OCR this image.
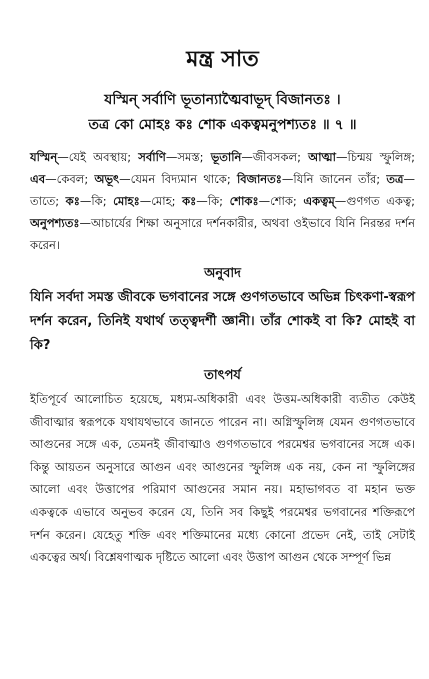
মন্ত্র সাত
যস্মিন্ সর্বাণি ভূতান্যাত্মৈবাভূদ্ বিজানতঃ ।
তত্র কো মোহঃ কঃ শোক একত্বমনুপশ্যতঃ ॥ ৭ ॥
যস্মিন্—যেই অবস্থায়; সর্বাণি—সমস্ত; ভূতানি—জীবসকল; আত্মা—চিন্ময় স্ফুলিঙ্গ; এব—কেবল; অভূৎ—যেমন বিদ্যমান থাকে; বিজানতঃ—যিনি জানেন তাঁর; তত্র—তাতে; কঃ—কি; মোহঃ—মোহ; কঃ—কি; শোকঃ—শোক; একত্বম্—গুণগত একত্ব; অনুপশ্যতঃ—আচার্যের শিক্ষা অনুসারে দর্শনকারীর, অথবা ওইভাবে যিনি নিরন্তর দর্শন করেন।
অনুবাদ

যিনি সর্বদা সমস্ত জীবকে ভগবানের সঙ্গে গুণগতভাবে অভিন্ন চিৎকণা-স্বরূপ দর্শন করেন, তিনিই যথার্থ তত্ত্বদর্শী জ্ঞানী। তাঁর শোকই বা কি? মোহই বা কি?

তাৎপর্য

ইতিপূর্বে আলোচিত হয়েছে, মধ্যম-অধিকারী এবং উত্তম-অধিকারী ব্যতীত কেউই জীবাত্মার স্বরূপকে যথাযথভাবে জানতে পারেন না। অগ্নিস্ফুলিঙ্গ যেমন গুণগতভাবে আগুনের সঙ্গে এক, তেমনই জীবাত্মাও গুণগতভাবে পরমেশ্বর ভগবানের সঙ্গে এক। কিন্তু আয়তন অনুসারে আগুন এবং আগুনের স্ফুলিঙ্গ এক নয়, কেন না স্ফুলিঙ্গের আলো এবং উত্তাপের পরিমাণ আগুনের সমান নয়। মহাভাগবত বা মহান ভক্ত একত্বকে এভাবে অনুভব করেন যে, তিনি সব কিছুই পরমেশ্বর ভগবানের শক্তিরূপে দর্শন করেন। যেহেতু শক্তি এবং শক্তিমানের মধ্যে কোনো প্রভেদ নেই, তাই সেটাই একত্বের অর্থ। বিশ্লেষণাত্মক দৃষ্টিতে আলো এবং উত্তাপ আগুন থেকে সম্পূর্ণ ভিন্ন
